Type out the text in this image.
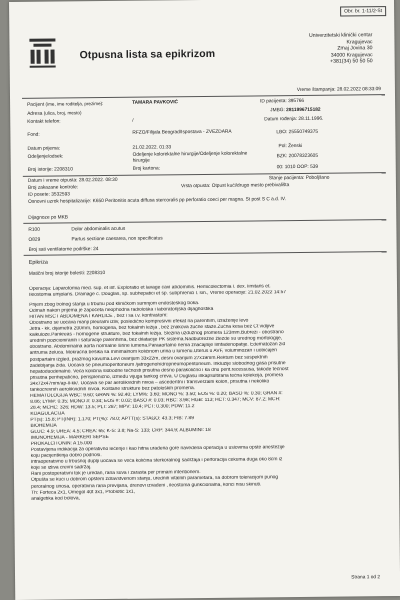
Obr. br. 1-11/2-St
Otpusna lista sa epikrizom
Univerzitetski klinički centar
Kragujevac
Zmaj Jovina 30
34000 Kragujevac
+381(34) 50 50 50
Vreme štampanja: 28.02.2022 08:33:09
Pacijent (ime, ime roditelja, prezime):	TAMARA PAVKOVIĆ	ID pacijenta: 395766
Adresa (ulica, broj, mesto)	JMBG: 2811996715182
Kontakt telefon:	/	Datum rođenja: 28.11.1996.
Fond:	RFZO/Filijala Beograd/Ispostava - ZVEZDARA	LBO: 25550749375
Datum prijema:	21.02.2022. 01:33	Pol: Ženski
Odeljenje/odsek:	Odeljenje kolorektalne hirurgije/Odeljenje kolorektalne hirurgije
BZK: 20078323605
Broj istorije: 2208310	Broj kartona:	00: 1010 OOP: 539
Datum i vreme otpusta: 28.02.2022. 08:30	Stanje pacijenta: Poboljšano
Broj zakazane kontrole:	Vrsta otpusta: Otpust kući/drugo mesto prebivališta
ID posete: 3532593
Osnovni uzrok hospitalizacije: K650 Peritonitis acuta diffusa stercoralis pp perforatio coeci per magna. St post S C a.d. IV.
Dijagnoze po MKB
R100	Dolor abdominalis acutus
O829	Partus sectione caesarea, non specificatus
Broj sati ventilatorne podrške: 24
Epikriza
Matični broj istorije bolesti: 2208310
Operacija: Laparotomia med. sup. et inf. Exploratio et lavage cavi abdominis. Hemicolectomia l. dex. limitans et.
Ileostomia umjolans. Drainage c. Douglas, sp. subhepatici et sp. subphrenici l. sin., Vreme operacije: 21.02.2022 14:57
Prijem zbog bolnog stanja u trbuhu pod kliničkom sumnjom endosteskog boka.
Odmah nakon prijema je započeta neophodna radiološka i laboratorijska dijagnostika
HITAN MSCT ABDOMENA I KARLICE , bez i sa i.v. kontrastom:
Obostrano se uočava manji pleuralni izliv, posledično kompresivni efekat na parenhim, izraženije levo
Jetra - kk. dijametra 200mm, homogena, bez fokalnih lezija , bez znakova žučne staze.Žučna kesa bez Ct vidljive
kalkuloze.Pankreas - homogene strukture, bez fokalnih lezija. Slezina uzdužnog promera 123mm.Bubrezi - obostrano
urednih pozicioniranih i saturacije parenhima, bez dilatacije PK sistema.Nadbubrežne žlezde su urednog morfologije,
obostrano. Abdominalna aorta normalne širine lumena.Paraaortalno nema značajnije limfadenopatije. Edematozan zid
antruma želuca. Mokraćna bešika sa minimalnom količinom urina u lumenu.Uterus u AVF, voluminozan i uobičajen
postpartalni izgled, prazmog kavuma.Levi ovarijum 33x22m, desni ovarijum 27x19mm.Rektum bez suspektnih
zadebljanja zida. Uočava se pneumoperitoneum /jatrogenoh/dropneumoperitoneum. Inkluzije slobodnog gasa prisutne
hepatoduodenalno. Veća količina slobodne tečnosti prisutna desno parakolično i ka dnu perit.recessusa, takođe tečnost
prisutna perihepatično, perispleničnо, između vijuga tankog creva. U Duglasu inkapsultirana tečna kolekcija, promera
34x72x47mm/ap-ll-kk/. Uočava se par aerolikvidnih nivoa – ascedentni i transverzalni kolon, prisutna i nekoliko
tankocrevnih aerolikvidnih nivoa. Koštane strukture bez patoloških promena.
HEMATOLOGIJA WBC: 9.60; GRAN %: 92.40; LYM%: 3.60; MONO %: 3.50; EOS %: 0.20; BASO %: 0.30; GRAN #:
8.86; LYM#: 0.35; MONO #: 0.34; EOS #: 0.02; BASO #: 0.03; RBC: 3.98; HGB: 113; HCT: 0.347; MCV: 87.2; MCH:
28.4; MCHC: 326; RDW: 13.5; PLT: 287; MPV: 10.4; PCT: 0.300; PDW: 11.2
KOAGULACIJA
PT(s): 15.8; PT(INR): 1.170; PT(%): 78.0; APTT(s): STAGO: 43.3; FIB: 7.89
BIOHEMIJA
GLUC: 4.9; UREA: 4.5; CREA: 65; K-S: 3.8; Na-S: 133; CRP: 344.9; ALBUMINI: 18
IMUNOHEMIJA - MARKERI SEPSE
PROKALCITONIN: A 15.000
Postavljena indikacija za operativno lečenje i kao hitna urađena gore navedena operacija u uslovima opšte anestezije
koju pacijentkinja dobro podnosi.
Intraoperativno u trbušnoj duplji uočava se veća količina sterkoralnog sadržaja i perforacija cekuma duga oko 8cm iz
koje se izliva crevni sadržaj.
Rani postoperativni tok je uredan, rana suva i zarasta per primam intentionem.
Otpušta se kući u dobrom opštem zdravstvenom stanju, urednih vitalnih parametara, sa dobrom toleracijom punog
peroralnog unosa, operativna rana previjana, drenovi izvađeni , ileostoma gunkcionalna, konci nisu skinuti.
Th: Fortecа 2x1, Omegol 40t 3x1, Probiotic 1x1,
analgetika kod bolova,
Strana 1 od 2
